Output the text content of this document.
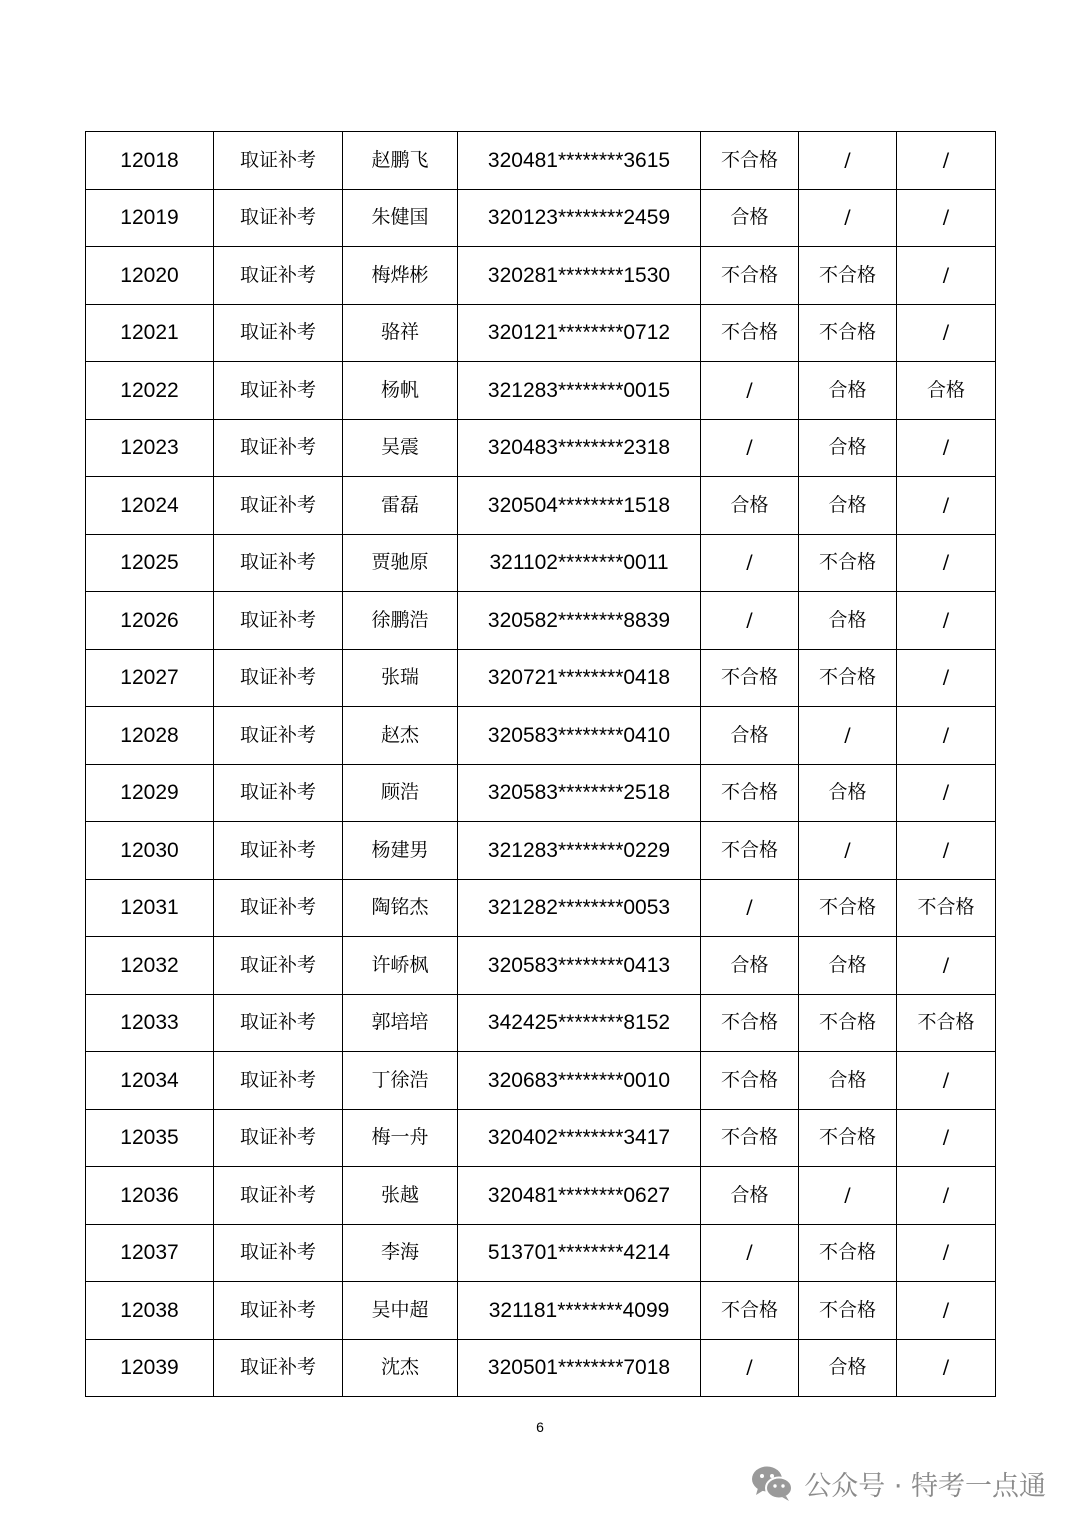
12018	取证补考	赵鹏飞	320481********3615	不合格	/	/
12019	取证补考	朱健国	320123********2459	合格	/	/
12020	取证补考	梅烨彬	320281********1530	不合格	不合格	/
12021	取证补考	骆祥	320121********0712	不合格	不合格	/
12022	取证补考	杨帆	321283********0015	/	合格	合格
12023	取证补考	吴震	320483********2318	/	合格	/
12024	取证补考	雷磊	320504********1518	合格	合格	/
12025	取证补考	贾驰原	321102********0011	/	不合格	/
12026	取证补考	徐鹏浩	320582********8839	/	合格	/
12027	取证补考	张瑞	320721********0418	不合格	不合格	/
12028	取证补考	赵杰	320583********0410	合格	/	/
12029	取证补考	顾浩	320583********2518	不合格	合格	/
12030	取证补考	杨建男	321283********0229	不合格	/	/
12031	取证补考	陶铭杰	321282********0053	/	不合格	不合格
12032	取证补考	许峤枫	320583********0413	合格	合格	/
12033	取证补考	郭培培	342425********8152	不合格	不合格	不合格
12034	取证补考	丁徐浩	320683********0010	不合格	合格	/
12035	取证补考	梅一舟	320402********3417	不合格	不合格	/
12036	取证补考	张越	320481********0627	合格	/	/
12037	取证补考	李海	513701********4214	/	不合格	/
12038	取证补考	吴中超	321181********4099	不合格	不合格	/
12039	取证补考	沈杰	320501********7018	/	合格	/
6
公众号 · 特考一点通
